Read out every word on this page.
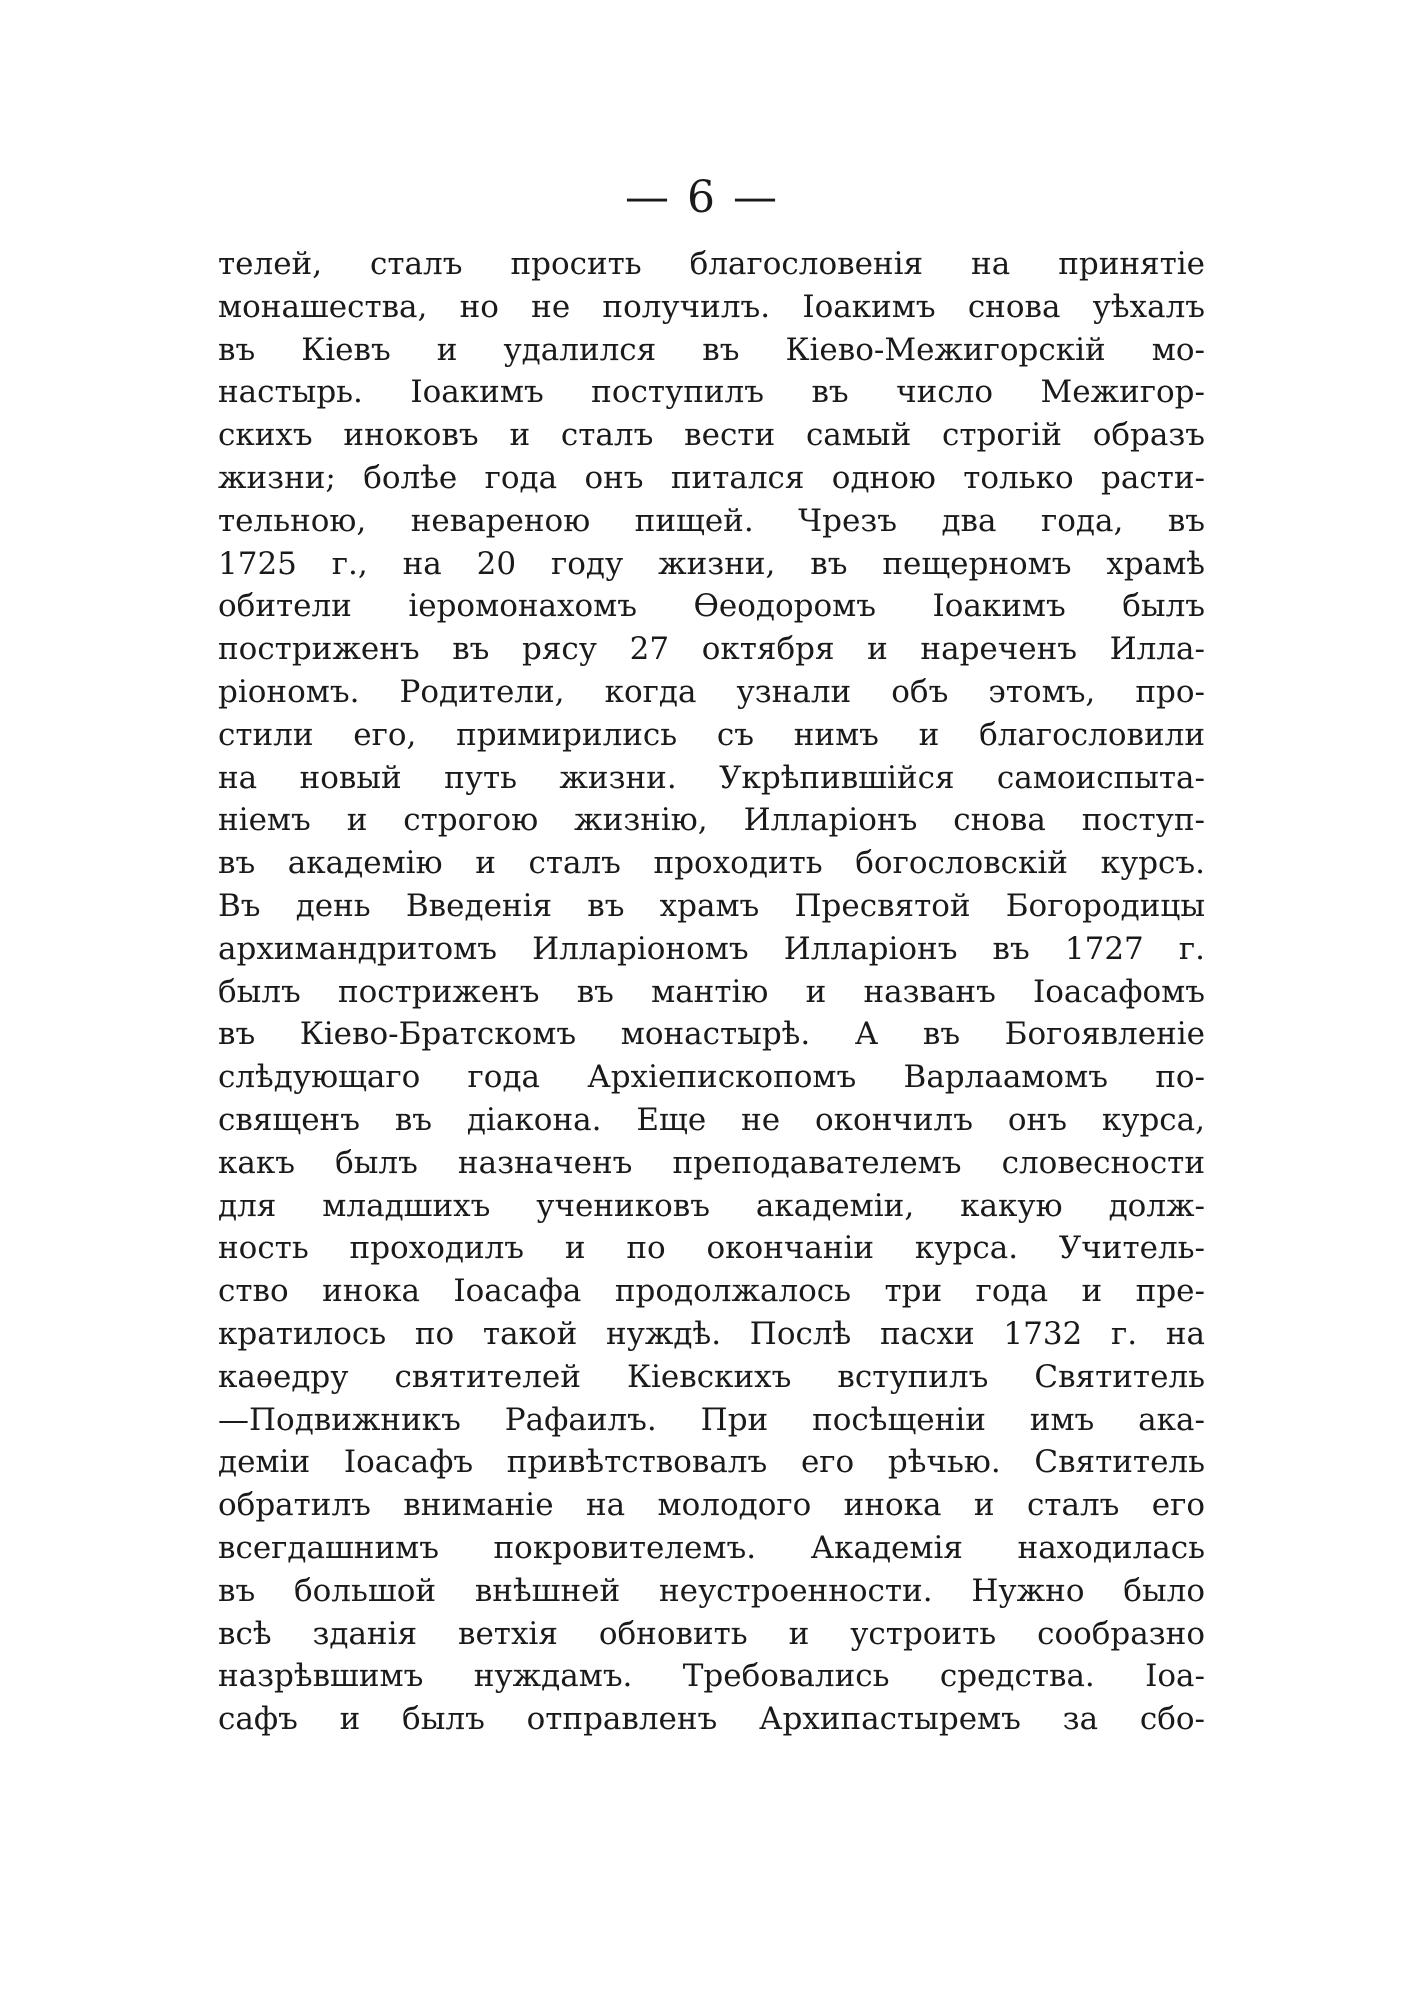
— 6 —
телей, сталъ просить благословенія на принятіе
монашества, но не получилъ. Іоакимъ снова уѣхалъ
въ Кіевъ и удалился въ Кіево-Межигорскій мо-
настырь. Іоакимъ поступилъ въ число Межигор-
скихъ иноковъ и сталъ вести самый строгій образъ
жизни; болѣе года онъ питался одною только расти-
тельною, невареною пищей. Чрезъ два года, въ
1725 г., на 20 году жизни, въ пещерномъ храмѣ
обители іеромонахомъ Ѳеодоромъ Іоакимъ былъ
постриженъ въ рясу 27 октября и нареченъ Илла-
ріономъ. Родители, когда узнали объ этомъ, про-
стили его, примирились съ нимъ и благословили
на новый путь жизни. Укрѣпившійся самоиспыта-
ніемъ и строгою жизнію, Илларіонъ снова поступ-
въ академію и сталъ проходить богословскій курсъ.
Въ день Введенія въ храмъ Пресвятой Богородицы
архимандритомъ Илларіономъ Илларіонъ въ 1727 г.
былъ постриженъ въ мантію и названъ Іоасафомъ
въ Кіево-Братскомъ монастырѣ. А въ Богоявленіе
слѣдующаго года Архіепископомъ Варлаамомъ по-
священъ въ діакона. Еще не окончилъ онъ курса,
какъ былъ назначенъ преподавателемъ словесности
для младшихъ учениковъ академіи, какую долж-
ность проходилъ и по окончаніи курса. Учитель-
ство инока Іоасафа продолжалось три года и пре-
кратилось по такой нуждѣ. Послѣ пасхи 1732 г. на
каѳедру святителей Кіевскихъ вступилъ Святитель
—Подвижникъ Рафаилъ. При посѣщеніи имъ ака-
деміи Іоасафъ привѣтствовалъ его рѣчью. Святитель
обратилъ вниманіе на молодого инока и сталъ его
всегдашнимъ покровителемъ. Академія находилась
въ большой внѣшней неустроенности. Нужно было
всѣ зданія ветхія обновить и устроить сообразно
назрѣвшимъ нуждамъ. Требовались средства. Іоа-
сафъ и былъ отправленъ Архипастыремъ за сбо-
